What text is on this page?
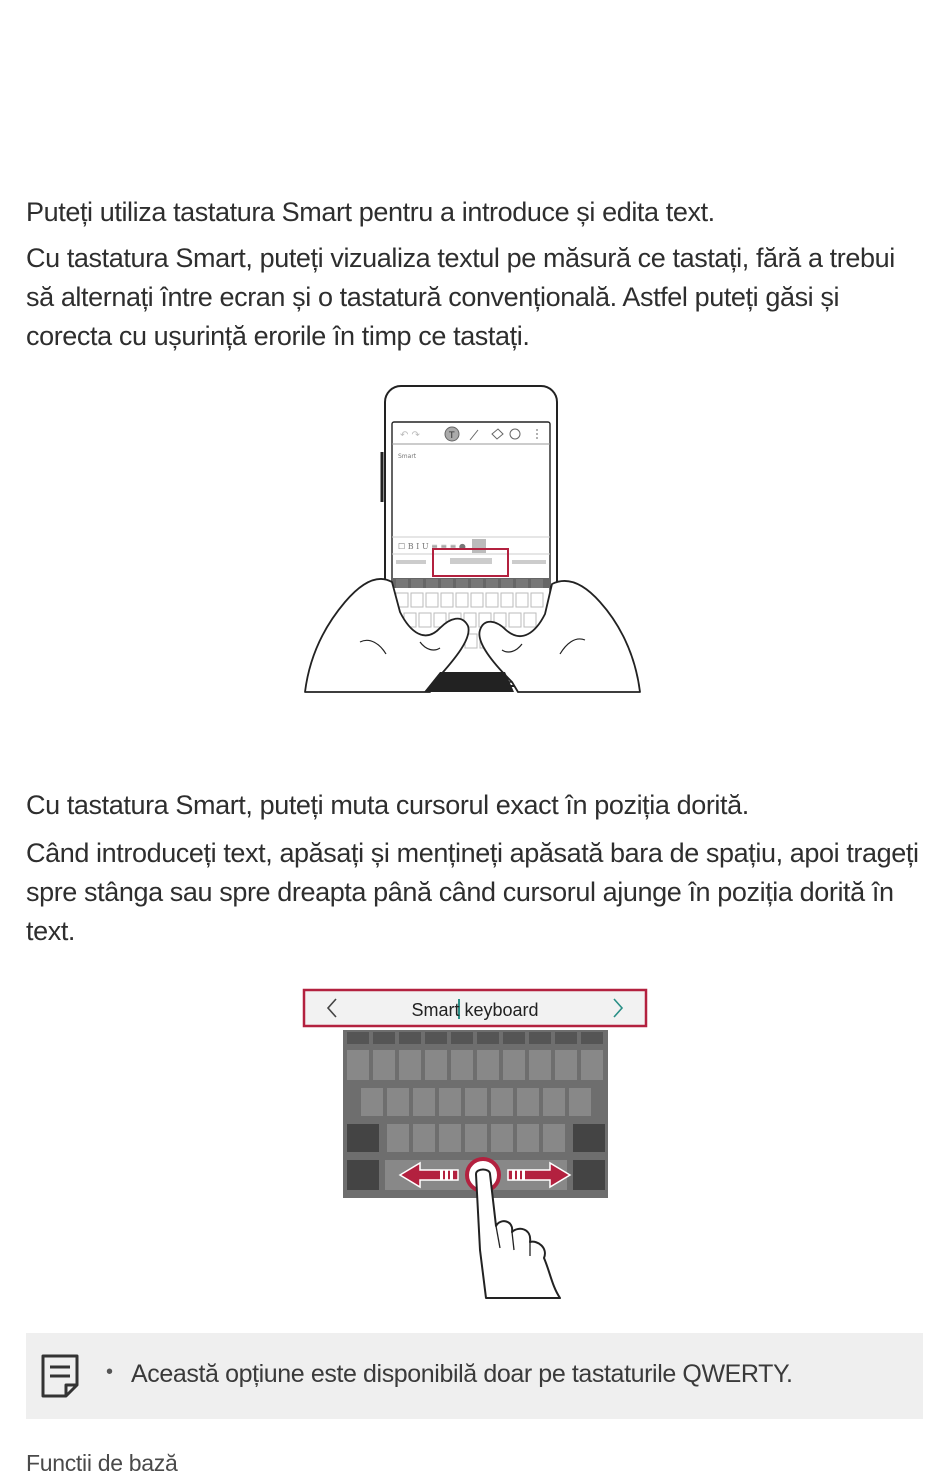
Puteți utiliza tastatura Smart pentru a introduce și edita text.

Cu tastatura Smart, puteți vizualiza textul pe măsură ce tastați, fără a trebui să alternați între ecran și o tastatură convențională. Astfel puteți găsi și corecta cu ușurință erorile în timp ce tastați.

T
↶ ↷
Smart
☐ B I U ≡ ≡ ≡ ●

Cu tastatura Smart, puteți muta cursorul exact în poziția dorită.

Când introduceți text, apăsați și mențineți apăsată bara de spațiu, apoi trageți spre stânga sau spre dreapta până când cursorul ajunge în poziția dorită în text.

Smart keyboard
• Această opțiune este disponibilă doar pe tastaturile QWERTY.
Functii de bază
